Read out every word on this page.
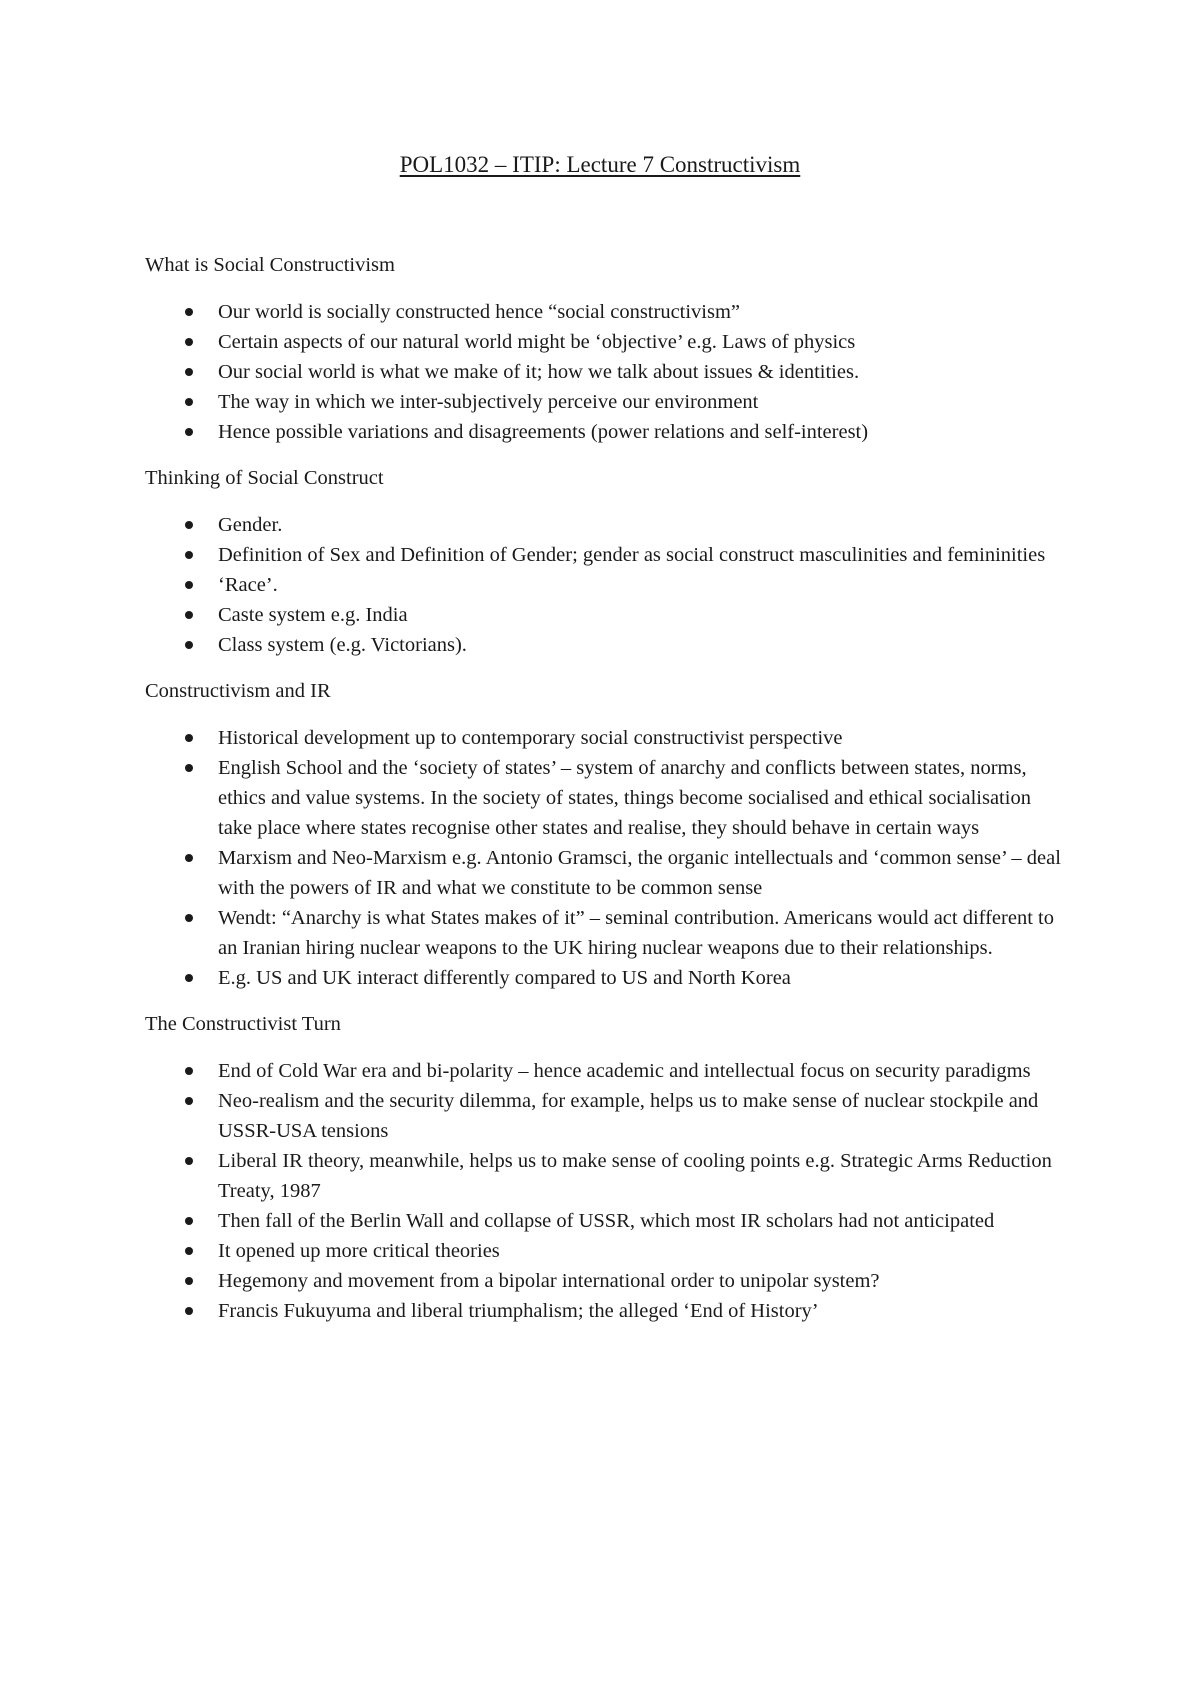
POL1032 – ITIP: Lecture 7 Constructivism
What is Social Constructivism
Our world is socially constructed hence “social constructivism”
Certain aspects of our natural world might be ‘objective’ e.g. Laws of physics
Our social world is what we make of it; how we talk about issues & identities.
The way in which we inter-subjectively perceive our environment
Hence possible variations and disagreements (power relations and self-interest)
Thinking of Social Construct
Gender.
Definition of Sex and Definition of Gender; gender as social construct masculinities and femininities
‘Race’.
Caste system e.g. India
Class system (e.g. Victorians).
Constructivism and IR
Historical development up to contemporary social constructivist perspective
English School and the ‘society of states’ – system of anarchy and conflicts between states, norms, ethics and value systems. In the society of states, things become socialised and ethical socialisation take place where states recognise other states and realise, they should behave in certain ways
Marxism and Neo-Marxism e.g. Antonio Gramsci, the organic intellectuals and ‘common sense’ – deal with the powers of IR and what we constitute to be common sense
Wendt: “Anarchy is what States makes of it” – seminal contribution. Americans would act different to an Iranian hiring nuclear weapons to the UK hiring nuclear weapons due to their relationships.
E.g. US and UK interact differently compared to US and North Korea
The Constructivist Turn
End of Cold War era and bi-polarity – hence academic and intellectual focus on security paradigms
Neo-realism and the security dilemma, for example, helps us to make sense of nuclear stockpile and USSR-USA tensions
Liberal IR theory, meanwhile, helps us to make sense of cooling points e.g. Strategic Arms Reduction Treaty, 1987
Then fall of the Berlin Wall and collapse of USSR, which most IR scholars had not anticipated
It opened up more critical theories
Hegemony and movement from a bipolar international order to unipolar system?
Francis Fukuyuma and liberal triumphalism; the alleged ‘End of History’
